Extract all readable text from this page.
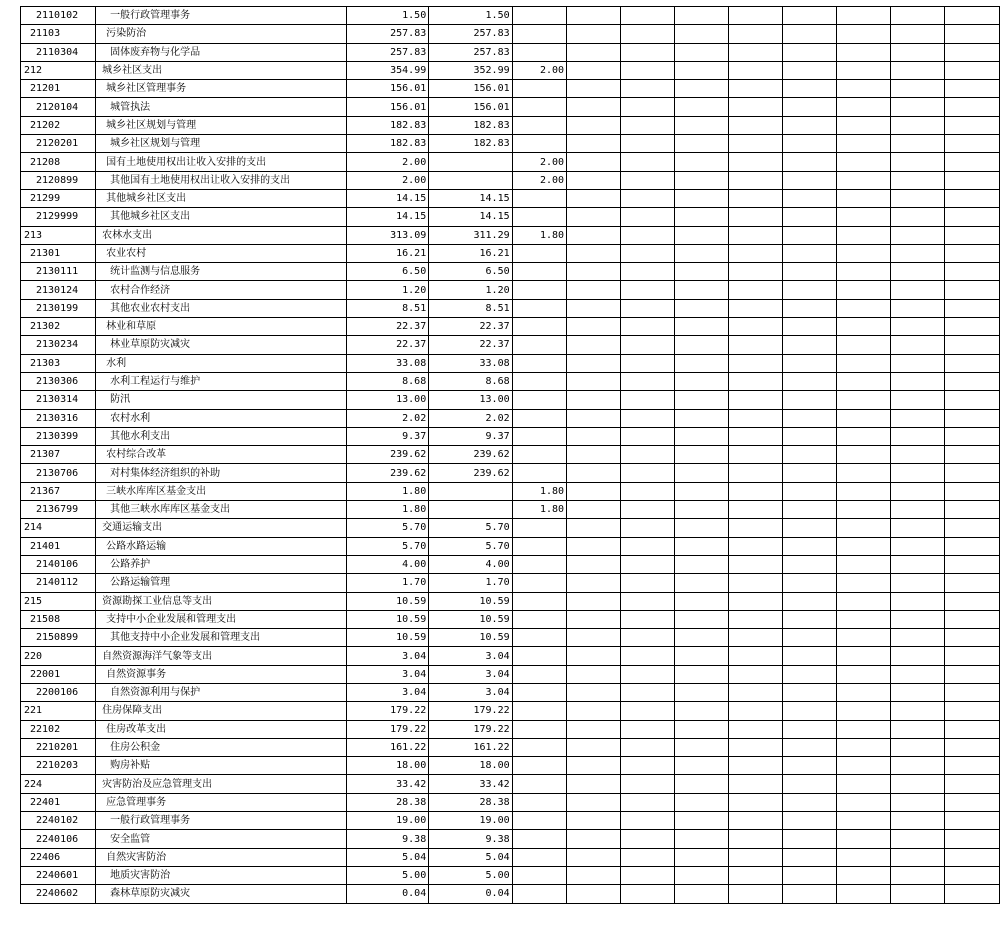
2110102	一般行政管理事务	1.50	1.50									
21103	污染防治	257.83	257.83									
2110304	固体废弃物与化学品	257.83	257.83									
212	城乡社区支出	354.99	352.99	2.00								
21201	城乡社区管理事务	156.01	156.01									
2120104	城管执法	156.01	156.01									
21202	城乡社区规划与管理	182.83	182.83									
2120201	城乡社区规划与管理	182.83	182.83									
21208	国有土地使用权出让收入安排的支出	2.00		2.00								
2120899	其他国有土地使用权出让收入安排的支出	2.00		2.00								
21299	其他城乡社区支出	14.15	14.15									
2129999	其他城乡社区支出	14.15	14.15									
213	农林水支出	313.09	311.29	1.80								
21301	农业农村	16.21	16.21									
2130111	统计监测与信息服务	6.50	6.50									
2130124	农村合作经济	1.20	1.20									
2130199	其他农业农村支出	8.51	8.51									
21302	林业和草原	22.37	22.37									
2130234	林业草原防灾减灾	22.37	22.37									
21303	水利	33.08	33.08									
2130306	水利工程运行与维护	8.68	8.68									
2130314	防汛	13.00	13.00									
2130316	农村水利	2.02	2.02									
2130399	其他水利支出	9.37	9.37									
21307	农村综合改革	239.62	239.62									
2130706	对村集体经济组织的补助	239.62	239.62									
21367	三峡水库库区基金支出	1.80		1.80								
2136799	其他三峡水库库区基金支出	1.80		1.80								
214	交通运输支出	5.70	5.70									
21401	公路水路运输	5.70	5.70									
2140106	公路养护	4.00	4.00									
2140112	公路运输管理	1.70	1.70									
215	资源勘探工业信息等支出	10.59	10.59									
21508	支持中小企业发展和管理支出	10.59	10.59									
2150899	其他支持中小企业发展和管理支出	10.59	10.59									
220	自然资源海洋气象等支出	3.04	3.04									
22001	自然资源事务	3.04	3.04									
2200106	自然资源利用与保护	3.04	3.04									
221	住房保障支出	179.22	179.22									
22102	住房改革支出	179.22	179.22									
2210201	住房公积金	161.22	161.22									
2210203	购房补贴	18.00	18.00									
224	灾害防治及应急管理支出	33.42	33.42									
22401	应急管理事务	28.38	28.38									
2240102	一般行政管理事务	19.00	19.00									
2240106	安全监管	9.38	9.38									
22406	自然灾害防治	5.04	5.04									
2240601	地质灾害防治	5.00	5.00									
2240602	森林草原防灾减灾	0.04	0.04									
